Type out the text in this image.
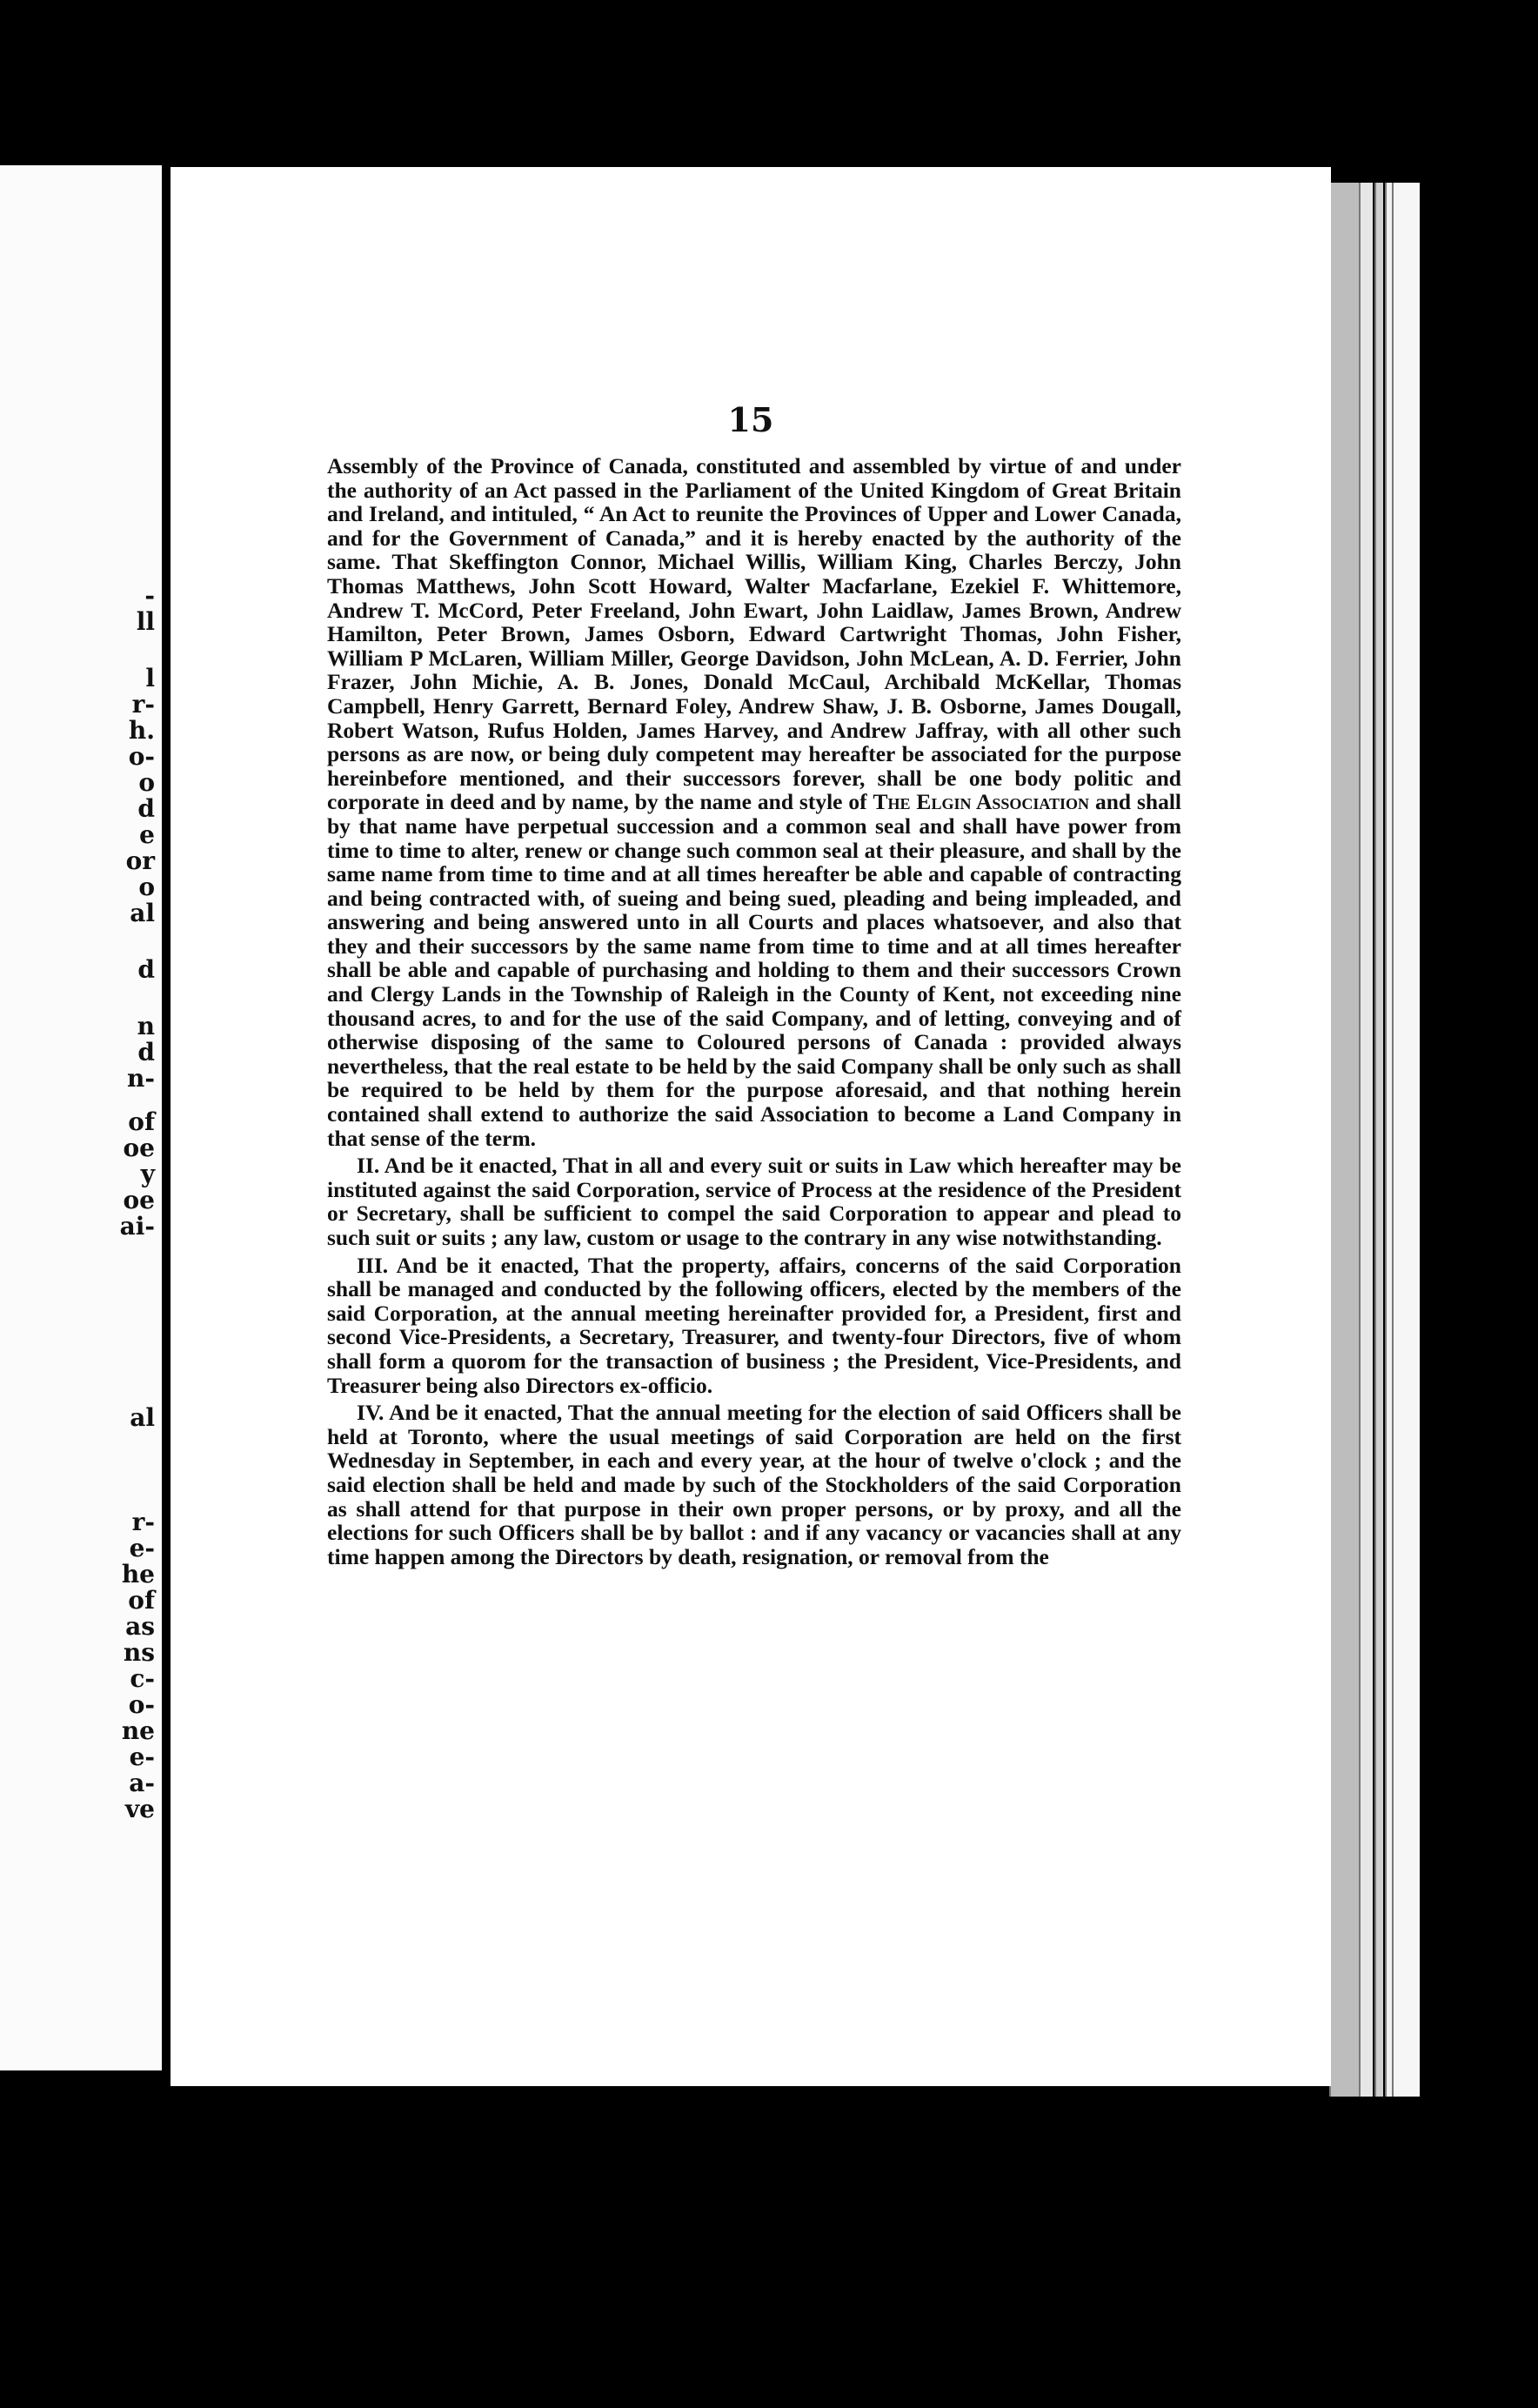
-
ll
l
r-
h.
o-
o
d
e
or
o
al
d
n
d
n-
of
oe
y
oe
ai-
al
r-
e-
he
of
as
ns
c-
o-
ne
e-
a-
ve
15

Assembly of the Province of Canada, constituted and assembled by virtue of and under the authority of an Act passed in the Parliament of the United Kingdom of Great Britain and Ireland, and intituled, “ An Act to reunite the Provinces of Upper and Lower Canada, and for the Government of Canada,” and it is hereby enacted by the authority of the same. That Skeffington Connor, Michael Willis, William King, Charles Berczy, John Thomas Matthews, John Scott Howard, Walter Macfarlane, Ezekiel F. Whittemore, Andrew T. McCord, Peter Freeland, John Ewart, John Laidlaw, James Brown, Andrew Hamilton, Peter Brown, James Osborn, Edward Cartwright Thomas, John Fisher, William P McLaren, William Miller, George Davidson, John McLean, A. D. Ferrier, John Frazer, John Michie, A. B. Jones, Donald McCaul, Archibald McKellar, Thomas Campbell, Henry Garrett, Bernard Foley, Andrew Shaw, J. B. Osborne, James Dougall, Robert Watson, Rufus Holden, James Harvey, and Andrew Jaffray, with all other such persons as are now, or being duly competent may hereafter be associated for the purpose hereinbefore mentioned, and their successors forever, shall be one body politic and corporate in deed and by name, by the name and style of The Elgin Association and shall by that name have perpetual succession and a common seal and shall have power from time to time to alter, renew or change such common seal at their pleasure, and shall by the same name from time to time and at all times hereafter be able and capable of contracting and being contracted with, of sueing and being sued, pleading and being impleaded, and answering and being answered unto in all Courts and places whatsoever, and also that they and their successors by the same name from time to time and at all times hereafter shall be able and capable of purchasing and holding to them and their successors Crown and Clergy Lands in the Township of Raleigh in the County of Kent, not exceeding nine thousand acres, to and for the use of the said Company, and of letting, conveying and of otherwise disposing of the same to Coloured persons of Canada : provided always nevertheless, that the real estate to be held by the said Company shall be only such as shall be required to be held by them for the purpose aforesaid, and that nothing herein contained shall extend to authorize the said Association to become a Land Company in that sense of the term.

II. And be it enacted, That in all and every suit or suits in Law which hereafter may be instituted against the said Corporation, service of Process at the residence of the President or Secretary, shall be sufficient to compel the said Corporation to appear and plead to such suit or suits ; any law, custom or usage to the contrary in any wise notwithstanding.

III. And be it enacted, That the property, affairs, concerns of the said Corporation shall be managed and conducted by the following officers, elected by the members of the said Corporation, at the annual meeting hereinafter provided for, a President, first and second Vice-Presidents, a Secretary, Treasurer, and twenty-four Directors, five of whom shall form a quorom for the transaction of business ; the President, Vice-Presidents, and Treasurer being also Directors ex-officio.

IV. And be it enacted, That the annual meeting for the election of said Officers shall be held at Toronto, where the usual meetings of said Corporation are held on the first Wednesday in September, in each and every year, at the hour of twelve o'clock ; and the said election shall be held and made by such of the Stockholders of the said Corporation as shall attend for that purpose in their own proper persons, or by proxy, and all the elections for such Officers shall be by ballot : and if any vacancy or vacancies shall at any time happen among the Directors by death, resignation, or removal from the
